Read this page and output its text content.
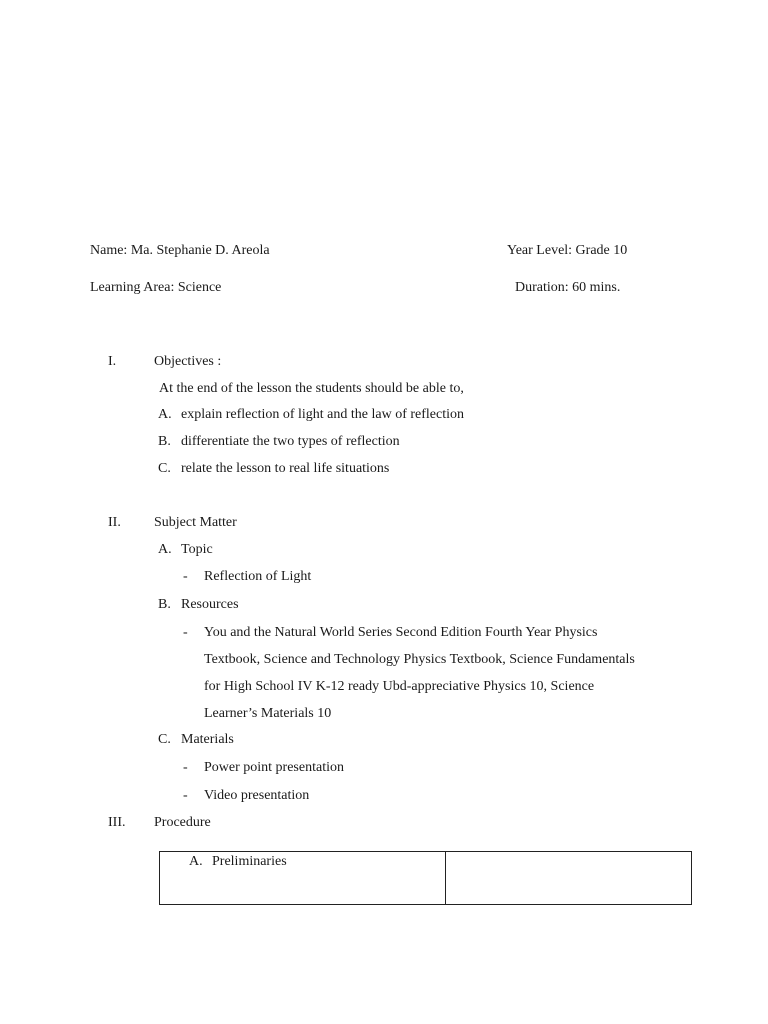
Name: Ma. Stephanie D. Areola	Year Level: Grade 10
Learning Area: Science	Duration: 60 mins.
I.	Objectives :
At the end of the lesson the students should be able to,
A. explain reflection of light and the law of reflection
B. differentiate the two types of reflection
C. relate the lesson to real life situations
II.	Subject Matter
A. Topic
- Reflection of Light
B. Resources
- You and the Natural World Series Second Edition Fourth Year Physics
Textbook, Science and Technology Physics Textbook, Science Fundamentals
for High School IV K-12 ready Ubd-appreciative Physics 10, Science
Learner’s Materials 10
C. Materials
- Power point presentation
- Video presentation
III.	Procedure
A. Preliminaries
